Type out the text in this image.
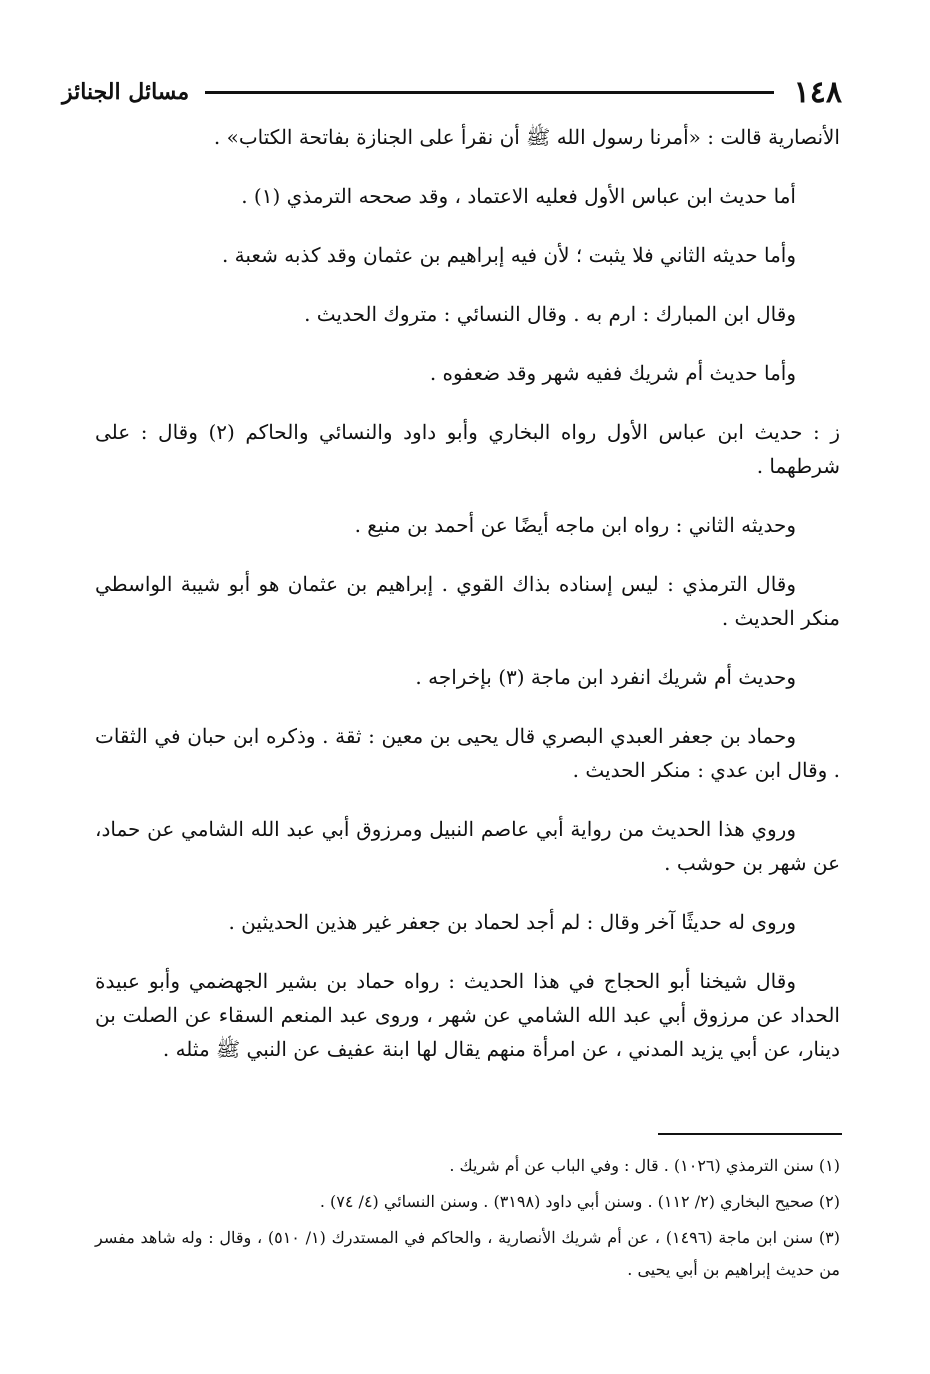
١٤٨
مسائل الجنائز

الأنصارية قالت : «أمرنا رسول الله ﷺ أن نقرأ على الجنازة بفاتحة الكتاب» .

أما حديث ابن عباس الأول فعليه الاعتماد ، وقد صححه الترمذي (١) .

وأما حديثه الثاني فلا يثبت ؛ لأن فيه إبراهيم بن عثمان وقد كذبه شعبة .

وقال ابن المبارك : ارم به . وقال النسائي : متروك الحديث .

وأما حديث أم شريك ففيه شهر وقد ضعفوه .

ز : حديث ابن عباس الأول رواه البخاري وأبو داود والنسائي والحاكم (٢) وقال : على شرطهما .

وحديثه الثاني : رواه ابن ماجه أيضًا عن أحمد بن منيع .

وقال الترمذي : ليس إسناده بذاك القوي . إبراهيم بن عثمان هو أبو شيبة الواسطي منكر الحديث .

وحديث أم شريك انفرد ابن ماجة (٣) بإخراجه .

وحماد بن جعفر العبدي البصري قال يحيى بن معين : ثقة . وذكره ابن حبان في الثقات . وقال ابن عدي : منكر الحديث .

وروي هذا الحديث من رواية أبي عاصم النبيل ومرزوق أبي عبد الله الشامي عن حماد، عن شهر بن حوشب .

وروى له حديثًا آخر وقال : لم أجد لحماد بن جعفر غير هذين الحديثين .

وقال شيخنا أبو الحجاج في هذا الحديث : رواه حماد بن بشير الجهضمي وأبو عبيدة الحداد عن مرزوق أبي عبد الله الشامي عن شهر ، وروى عبد المنعم السقاء عن الصلت بن دينار، عن أبي يزيد المدني ، عن امرأة منهم يقال لها ابنة عفيف عن النبي ﷺ مثله .

(١) سنن الترمذي (١٠٢٦) . قال : وفي الباب عن أم شريك .

(٢) صحيح البخاري (٢/ ١١٢) . وسنن أبي داود (٣١٩٨) . وسنن النسائي (٤/ ٧٤) .

(٣) سنن ابن ماجة (١٤٩٦) ، عن أم شريك الأنصارية ، والحاكم في المستدرك (١/ ٥١٠) ، وقال : وله شاهد مفسر من حديث إبراهيم بن أبي يحيى .
